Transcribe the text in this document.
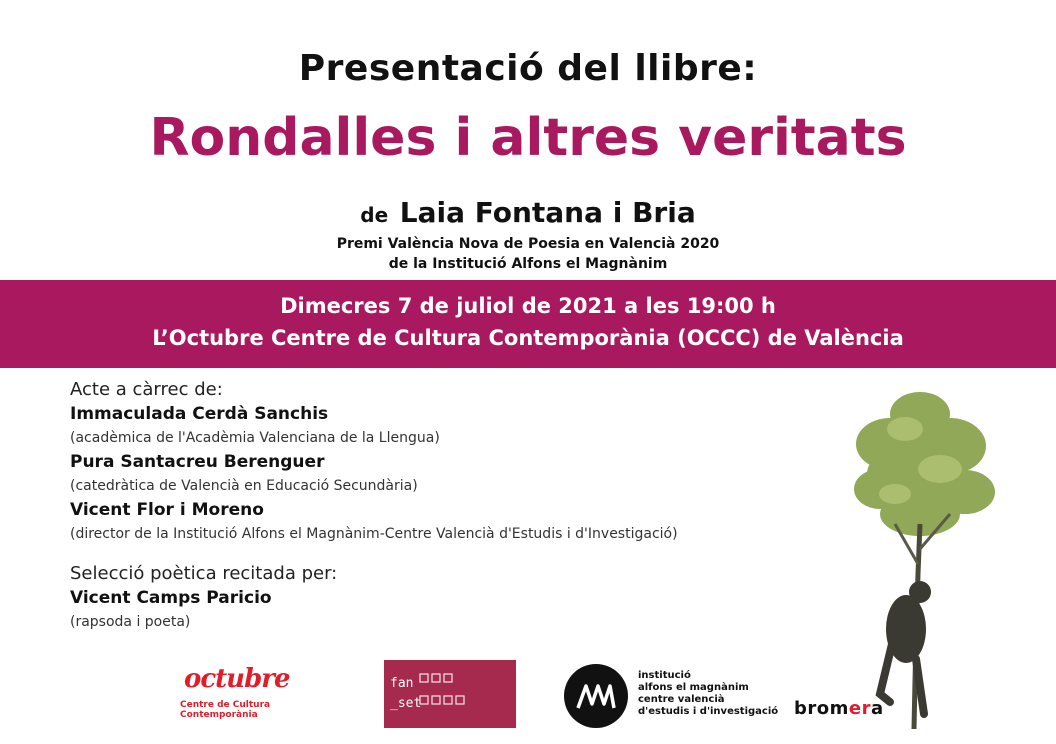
Presentació del llibre:
Rondalles i altres veritats
de Laia Fontana i Bria
Premi València Nova de Poesia en Valencià 2020
de la Institució Alfons el Magnànim
Dimecres 7 de juliol de 2021 a les 19:00 h
L’Octubre Centre de Cultura Contemporània (OCCC) de València
Acte a càrrec de:
Immaculada Cerdà Sanchis
(acadèmica de l'Acadèmia Valenciana de la Llengua)
Pura Santacreu Berenguer
(catedràtica de Valencià en Educació Secundària)
Vicent Flor i Moreno
(director de la Institució Alfons el Magnànim-Centre Valencià d'Estudis i d'Investigació)
Selecció poètica recitada per:
Vicent Camps Paricio
(rapsoda i poeta)
octubre
Centre de Cultura Contemporània
fan
_set
institució
alfons el magnànim
centre valencià
d'estudis i d'investigació bromera
